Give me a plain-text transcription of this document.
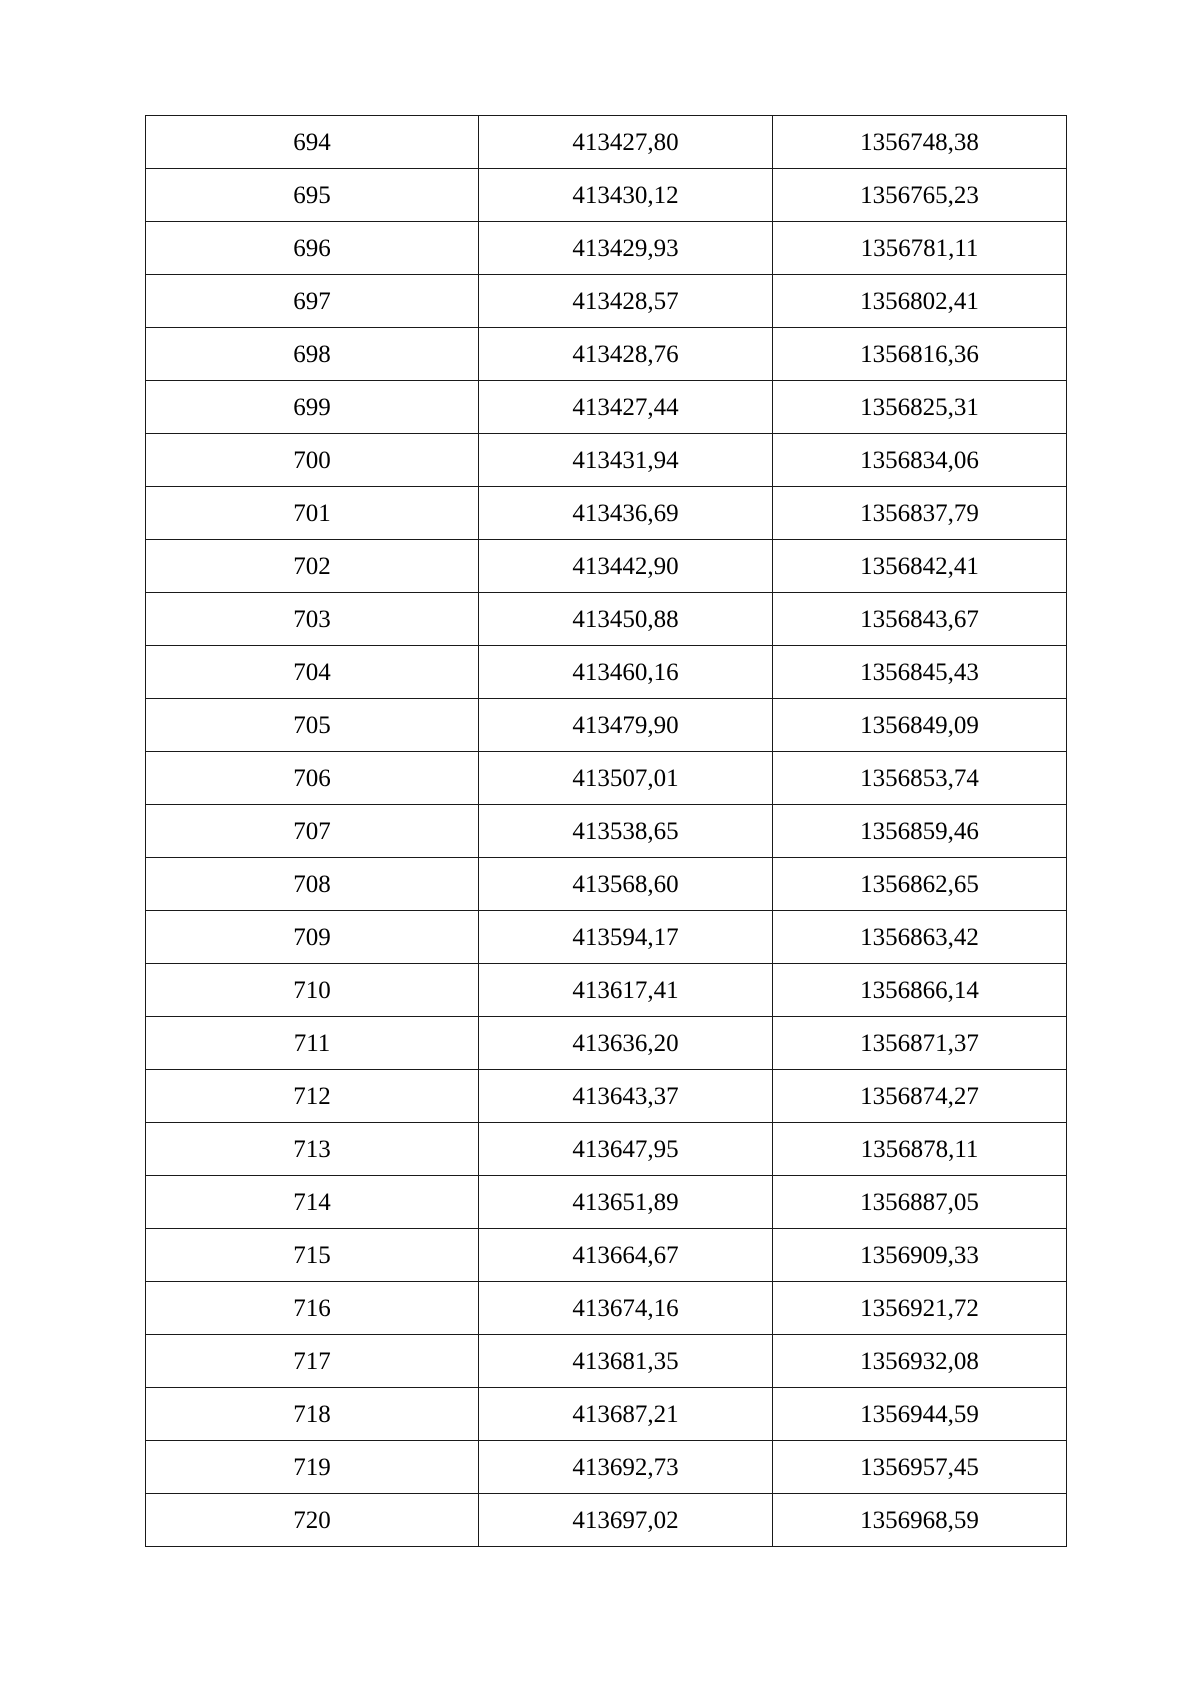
694	413427,80	1356748,38
695	413430,12	1356765,23
696	413429,93	1356781,11
697	413428,57	1356802,41
698	413428,76	1356816,36
699	413427,44	1356825,31
700	413431,94	1356834,06
701	413436,69	1356837,79
702	413442,90	1356842,41
703	413450,88	1356843,67
704	413460,16	1356845,43
705	413479,90	1356849,09
706	413507,01	1356853,74
707	413538,65	1356859,46
708	413568,60	1356862,65
709	413594,17	1356863,42
710	413617,41	1356866,14
711	413636,20	1356871,37
712	413643,37	1356874,27
713	413647,95	1356878,11
714	413651,89	1356887,05
715	413664,67	1356909,33
716	413674,16	1356921,72
717	413681,35	1356932,08
718	413687,21	1356944,59
719	413692,73	1356957,45
720	413697,02	1356968,59
